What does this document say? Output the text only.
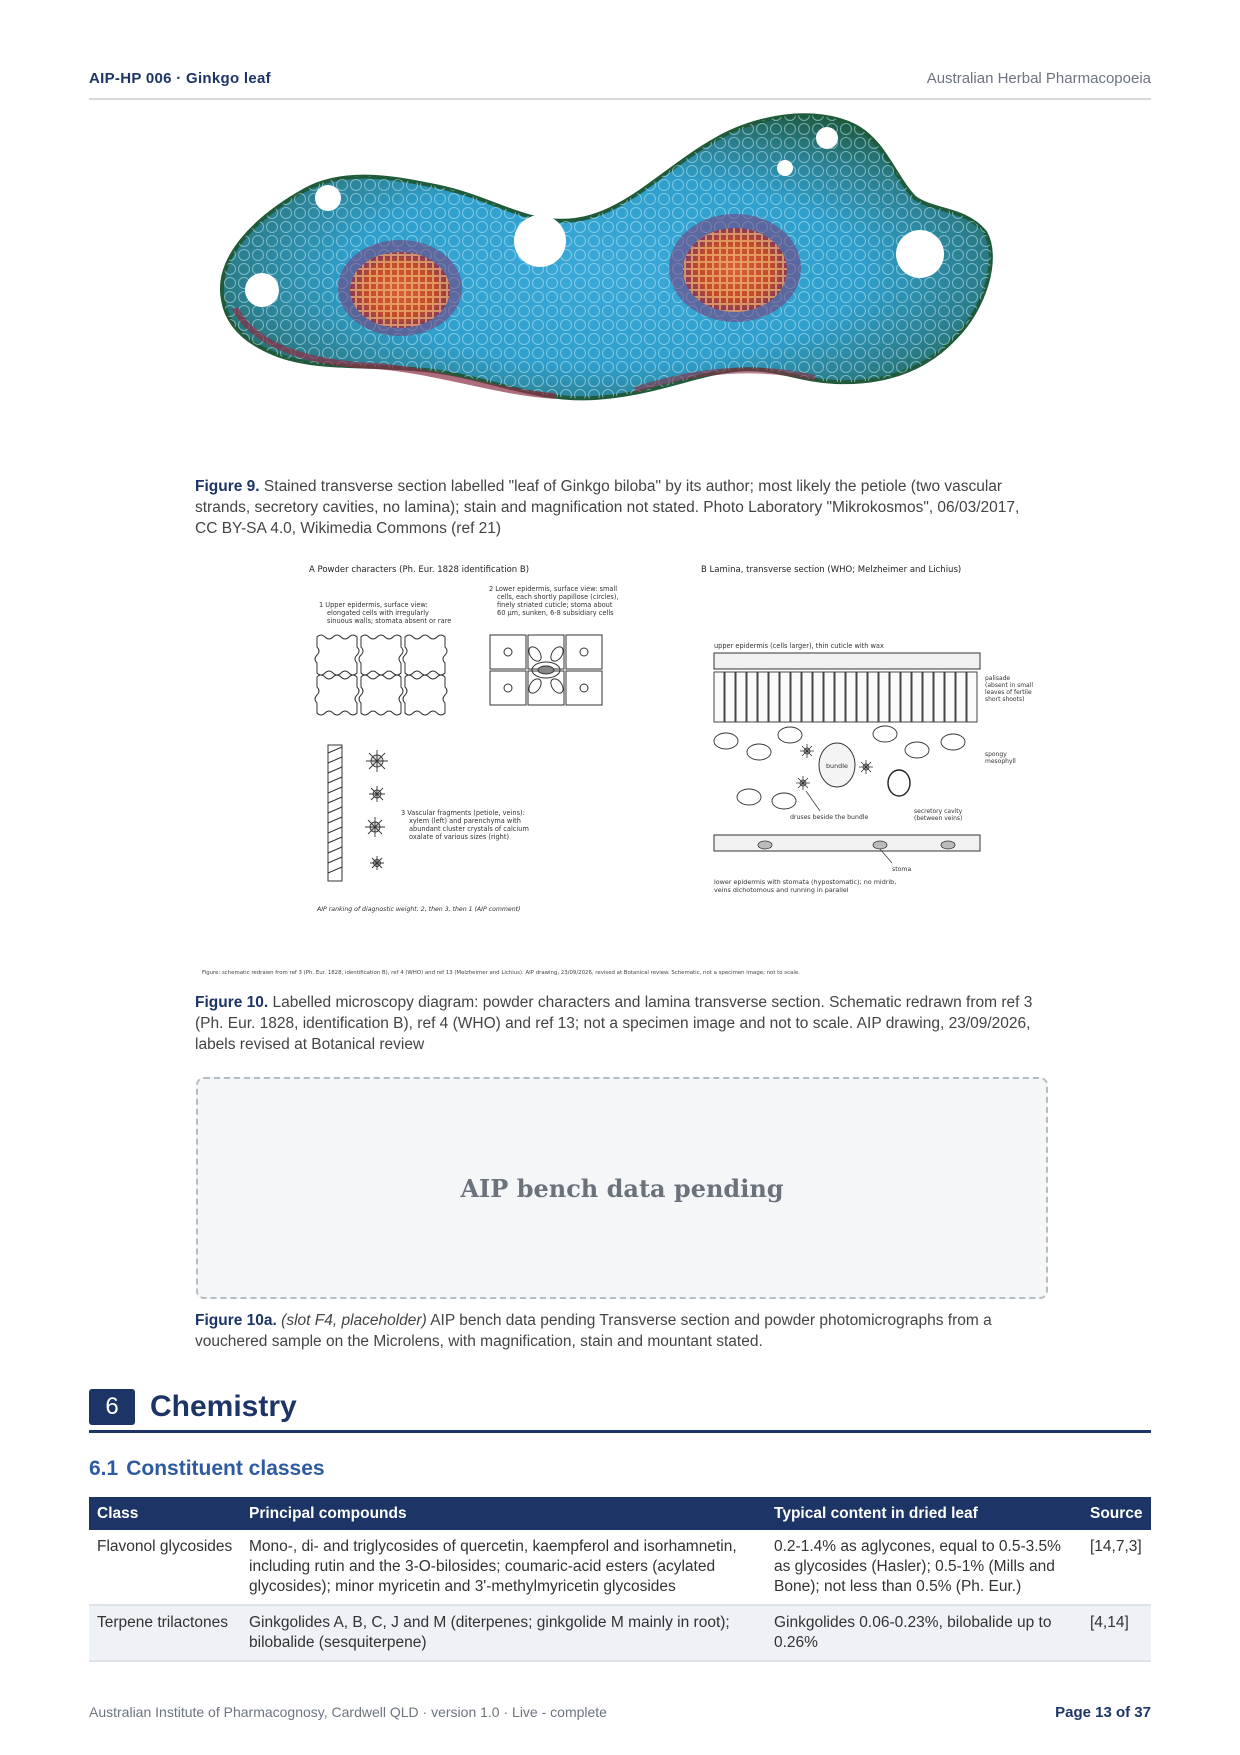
AIP-HP 006 · Ginkgo leaf	Australian Herbal Pharmacopoeia
Figure 9. Stained transverse section labelled "leaf of Ginkgo biloba" by its author; most likely the petiole (two vascular strands, secretory cavities, no lamina); stain and magnification not stated. Photo Laboratory "Mikrokosmos", 06/03/2017, CC BY-SA 4.0, Wikimedia Commons (ref 21)
A Powder characters (Ph. Eur. 1828 identification B)	B Lamina, transverse section (WHO; Melzheimer and Lichius)
1 Upper epidermis, surface view:
elongated cells with irregularly
sinuous walls; stomata absent or rare
2 Lower epidermis, surface view: small
cells, each shortly papillose (circles),
finely striated cuticle; stoma about
60 µm, sunken, 6-8 subsidiary cells
3 Vascular fragments (petiole, veins):
xylem (left) and parenchyma with
abundant cluster crystals of calcium
oxalate of various sizes (right)
AIP ranking of diagnostic weight: 2, then 3, then 1 (AIP comment)
upper epidermis (cells larger), thin cuticle with wax
palisade
(absent in small
leaves of fertile
short shoots)
spongy
mesophyll
bundle
druses beside the bundle
secretory cavity
(between veins)
stoma
lower epidermis with stomata (hypostomatic); no midrib,
veins dichotomous and running in parallel
Figure: schematic redrawn from ref 3 (Ph. Eur. 1828, identification B), ref 4 (WHO) and ref 13 (Melzheimer and Lichius). AIP drawing, 23/09/2026, revised at Botanical review. Schematic, not a specimen image; not to scale.
Figure 10. Labelled microscopy diagram: powder characters and lamina transverse section. Schematic redrawn from ref 3 (Ph. Eur. 1828, identification B), ref 4 (WHO) and ref 13; not a specimen image and not to scale. AIP drawing, 23/09/2026, labels revised at Botanical review
AIP bench data pending
Figure 10a. (slot F4, placeholder) AIP bench data pending Transverse section and powder photomicrographs from a vouchered sample on the Microlens, with magnification, stain and mountant stated.
6	Chemistry
6.1 Constituent classes
Class	Principal compounds	Typical content in dried leaf	Source
Flavonol glycosides	Mono-, di- and triglycosides of quercetin, kaempferol and isorhamnetin, including rutin and the 3-O-bilosides; coumaric-acid esters (acylated glycosides); minor myricetin and 3'-methylmyricetin glycosides	0.2-1.4% as aglycones, equal to 0.5-3.5% as glycosides (Hasler); 0.5-1% (Mills and Bone); not less than 0.5% (Ph. Eur.)	[14,7,3]
Terpene trilactones	Ginkgolides A, B, C, J and M (diterpenes; ginkgolide M mainly in root); bilobalide (sesquiterpene)	Ginkgolides 0.06-0.23%, bilobalide up to 0.26%	[4,14]
Australian Institute of Pharmacognosy, Cardwell QLD · version 1.0 · Live - complete	Page 13 of 37
